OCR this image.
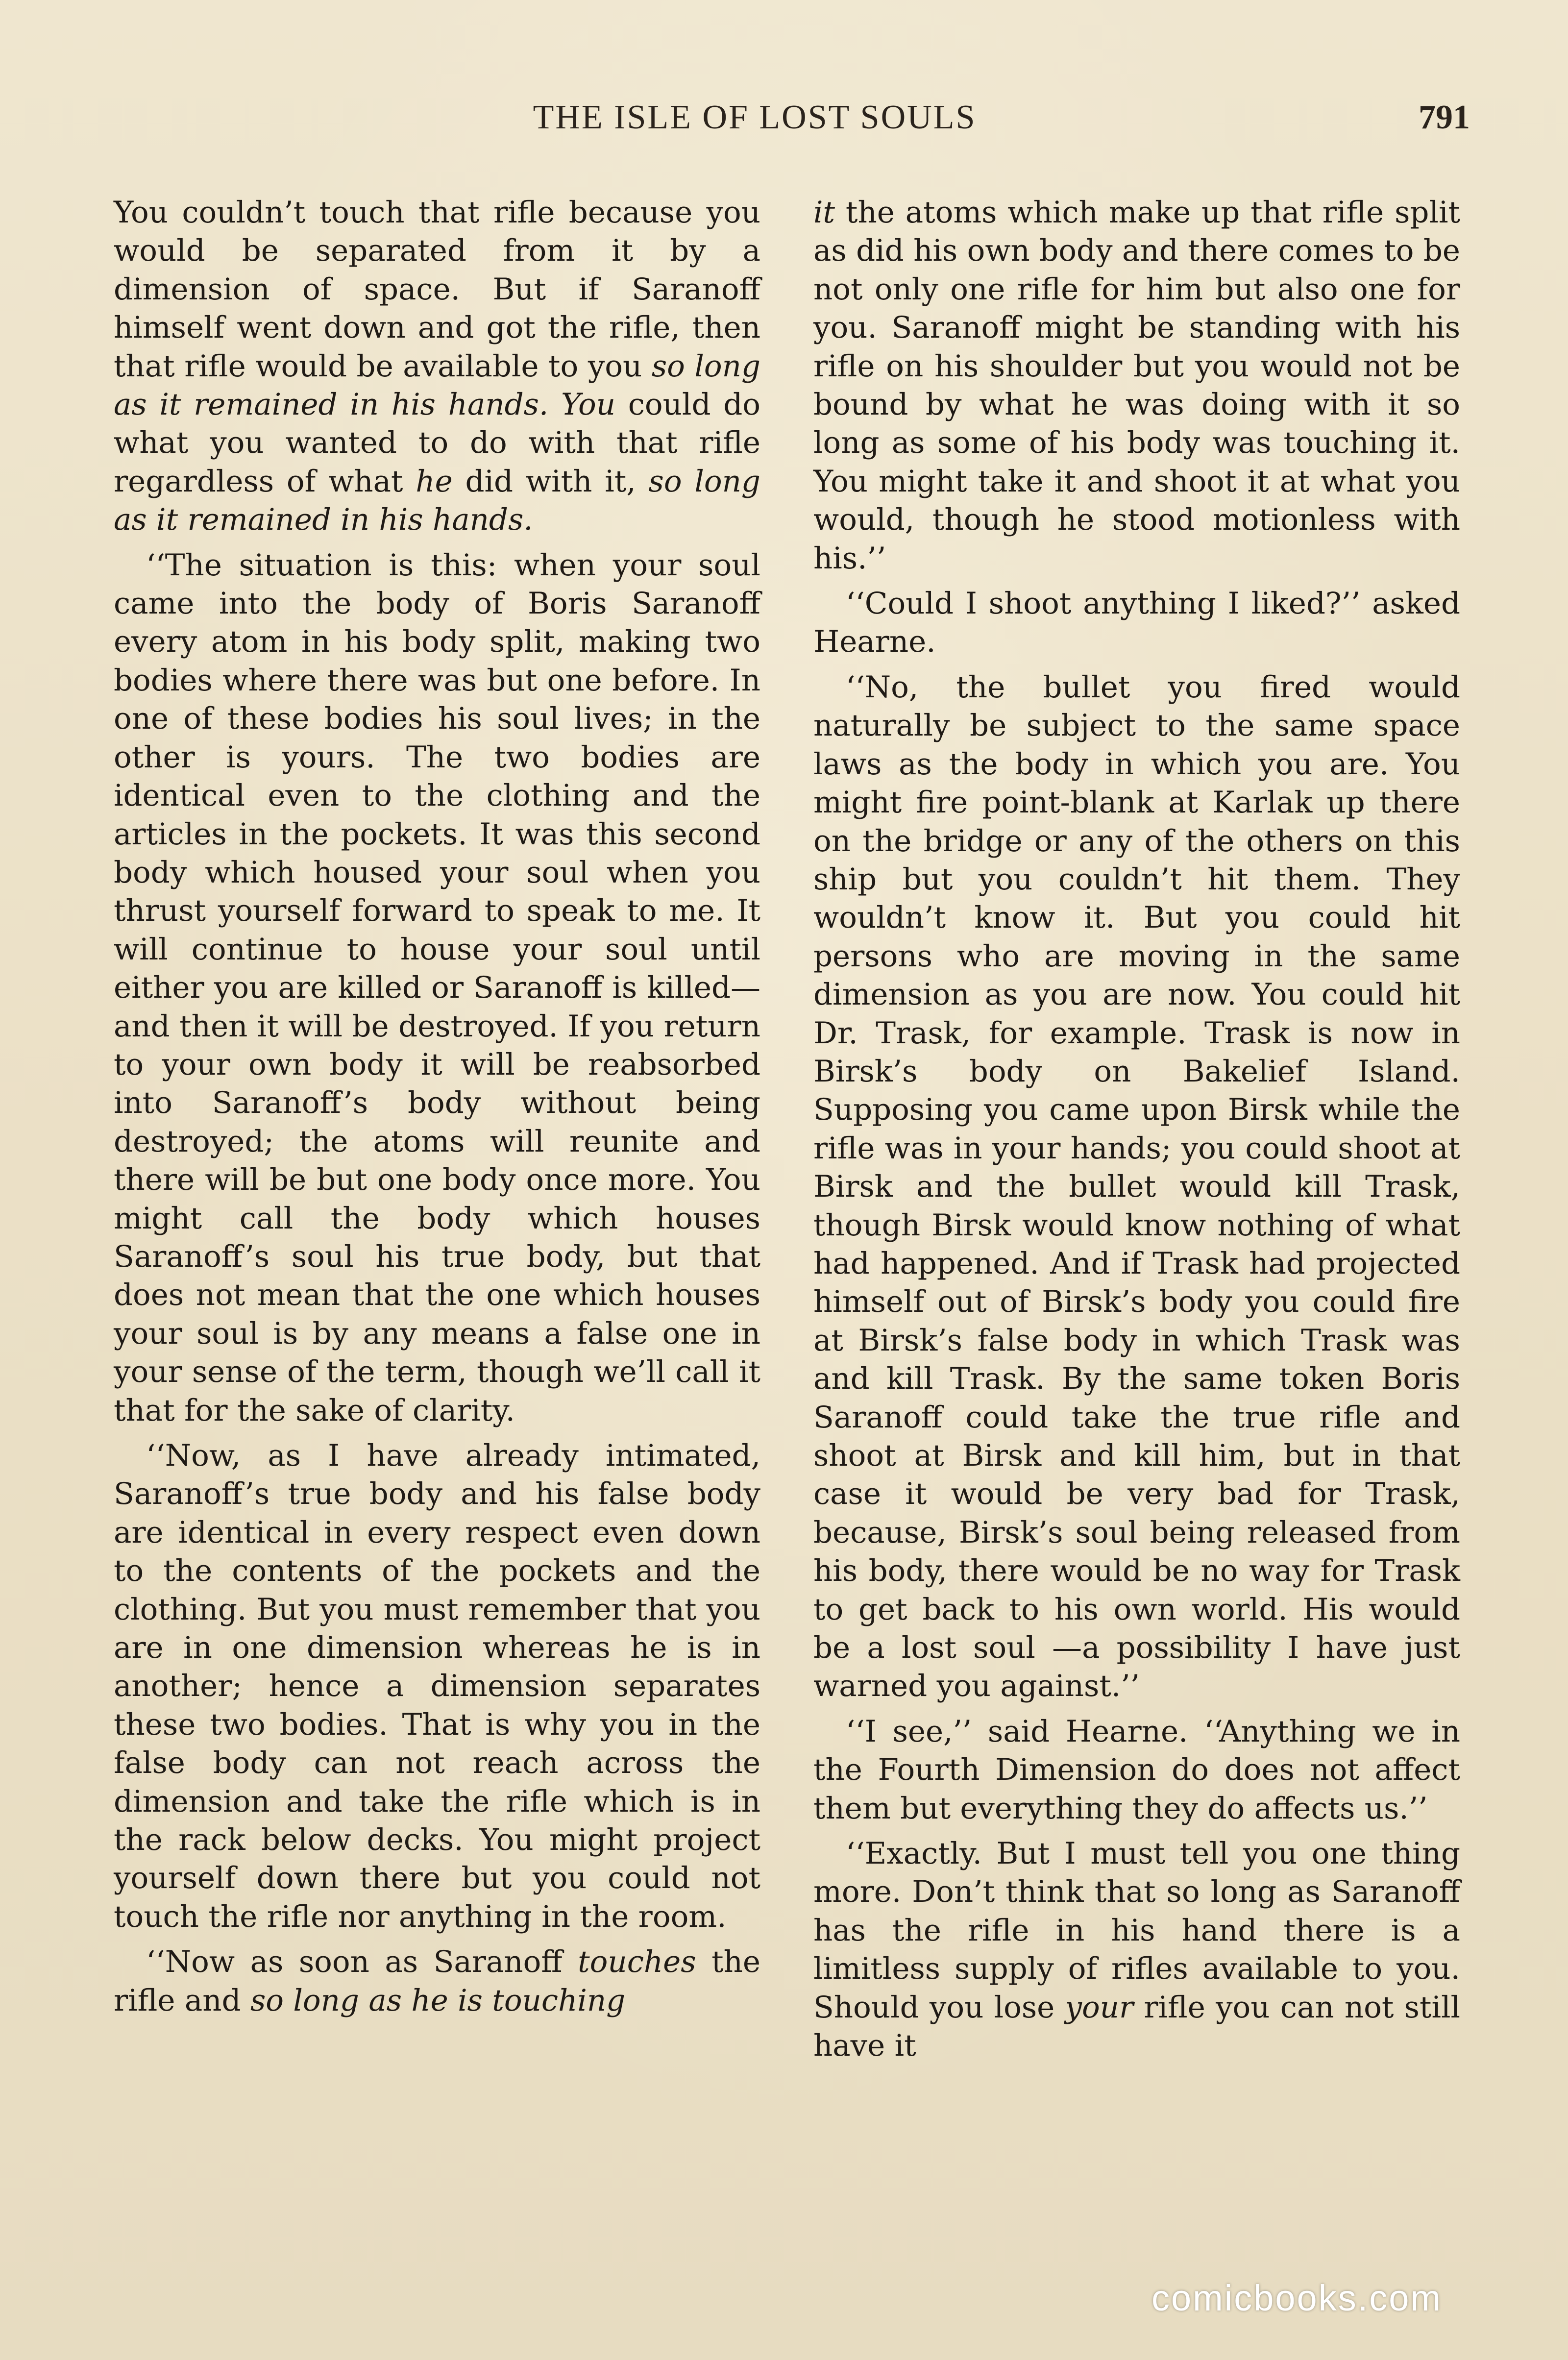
THE ISLE OF LOST SOULS	791

You couldn’t touch that rifle because you would be separated from it by a dimension of space. But if Saranoff himself went down and got the rifle, then that rifle would be available to you so long as it remained in his hands. You could do what you wanted to do with that rifle regardless of what he did with it, so long as it remained in his hands.

‘‘The situation is this: when your soul came into the body of Boris Saranoff every atom in his body split, making two bodies where there was but one before. In one of these bodies his soul lives; in the other is yours. The two bodies are identical even to the clothing and the articles in the pockets. It was this second body which housed your soul when you thrust yourself forward to speak to me. It will continue to house your soul until either you are killed or Saranoff is killed—and then it will be destroyed. If you return to your own body it will be reabsorbed into Saranoff’s body without being destroyed; the atoms will reunite and there will be but one body once more. You might call the body which houses Saranoff’s soul his true body, but that does not mean that the one which houses your soul is by any means a false one in your sense of the term, though we’ll call it that for the sake of clarity.

‘‘Now, as I have already intimated, Saranoff’s true body and his false body are identical in every respect even down to the contents of the pockets and the clothing. But you must remember that you are in one dimension whereas he is in another; hence a dimension separates these two bodies. That is why you in the false body can not reach across the dimension and take the rifle which is in the rack below decks. You might project yourself down there but you could not touch the rifle nor anything in the room.

‘‘Now as soon as Saranoff touches the rifle and so long as he is touching

it the atoms which make up that rifle split as did his own body and there comes to be not only one rifle for him but also one for you. Saranoff might be standing with his rifle on his shoulder but you would not be bound by what he was doing with it so long as some of his body was touching it. You might take it and shoot it at what you would, though he stood motionless with his.’’

‘‘Could I shoot anything I liked?’’ asked Hearne.

‘‘No, the bullet you fired would naturally be subject to the same space laws as the body in which you are. You might fire point-blank at Karlak up there on the bridge or any of the others on this ship but you couldn’t hit them. They wouldn’t know it. But you could hit persons who are moving in the same dimension as you are now. You could hit Dr. Trask, for example. Trask is now in Birsk’s body on Bakelief Island. Supposing you came upon Birsk while the rifle was in your hands; you could shoot at Birsk and the bullet would kill Trask, though Birsk would know nothing of what had happened. And if Trask had projected himself out of Birsk’s body you could fire at Birsk’s false body in which Trask was and kill Trask. By the same token Boris Saranoff could take the true rifle and shoot at Birsk and kill him, but in that case it would be very bad for Trask, because, Birsk’s soul being released from his body, there would be no way for Trask to get back to his own world. His would be a lost soul —a possibility I have just warned you against.’’

‘‘I see,’’ said Hearne. ‘‘Anything we in the Fourth Dimension do does not affect them but everything they do affects us.’’

‘‘Exactly. But I must tell you one thing more. Don’t think that so long as Saranoff has the rifle in his hand there is a limitless supply of rifles available to you. Should you lose your rifle you can not still have it

comicbooks.com
